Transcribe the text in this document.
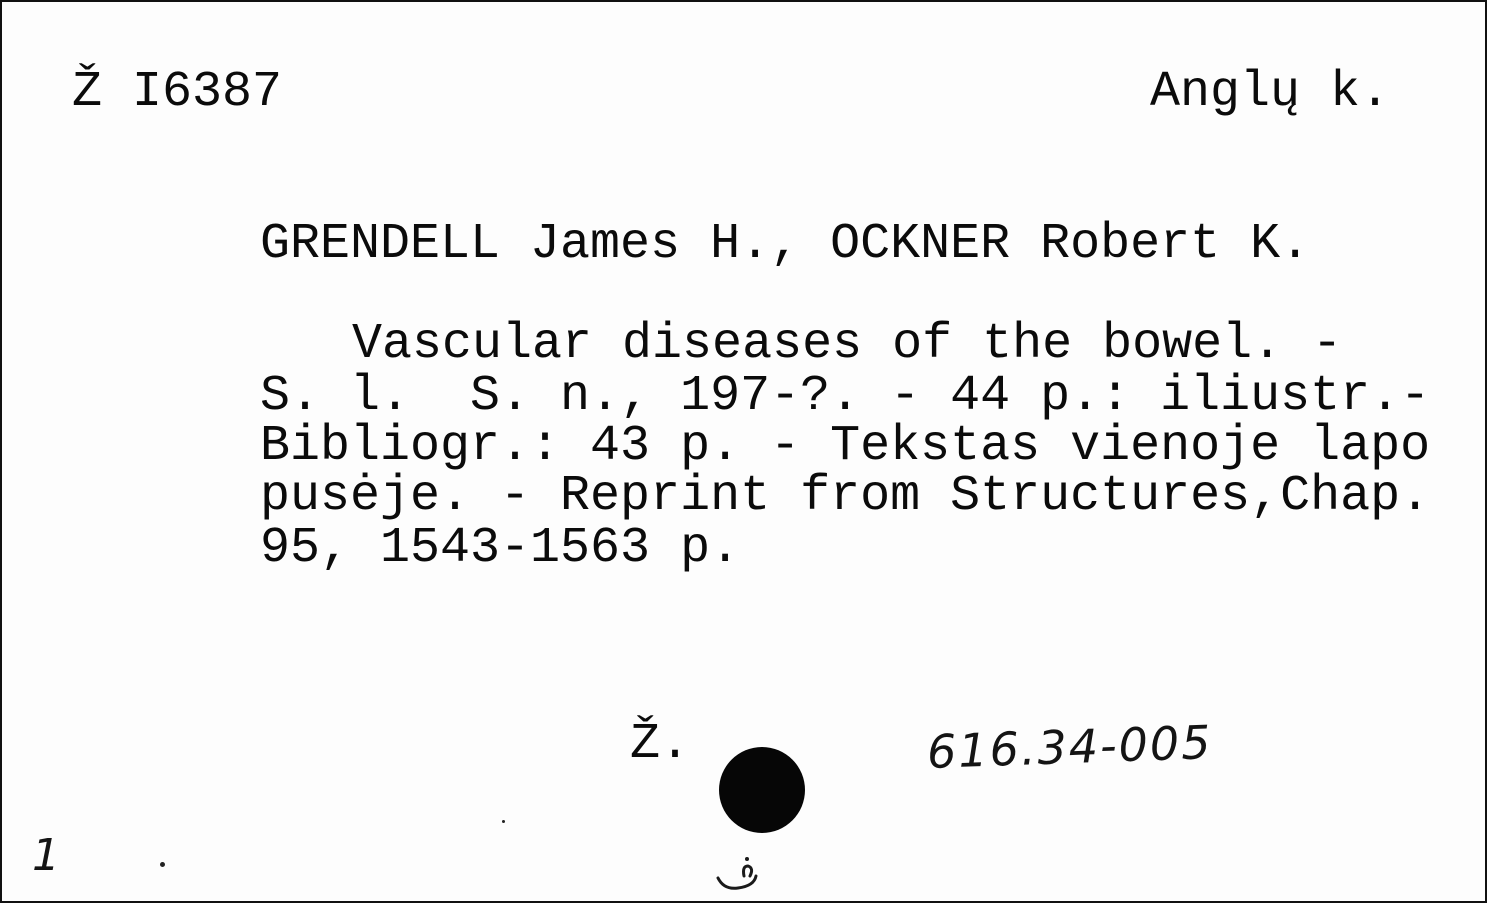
Ž I6387	Anglų k.
GRENDELL James H., OCKNER Robert K.
Vascular diseases of the bowel. -
S. l.  S. n., 197-?. - 44 p.: iliustr.-
Bibliogr.: 43 p. - Tekstas vienoje lapo
pusėje. - Reprint from Structures,Chap.
95, 1543-1563 p.
Ž.	616.34-005
1
